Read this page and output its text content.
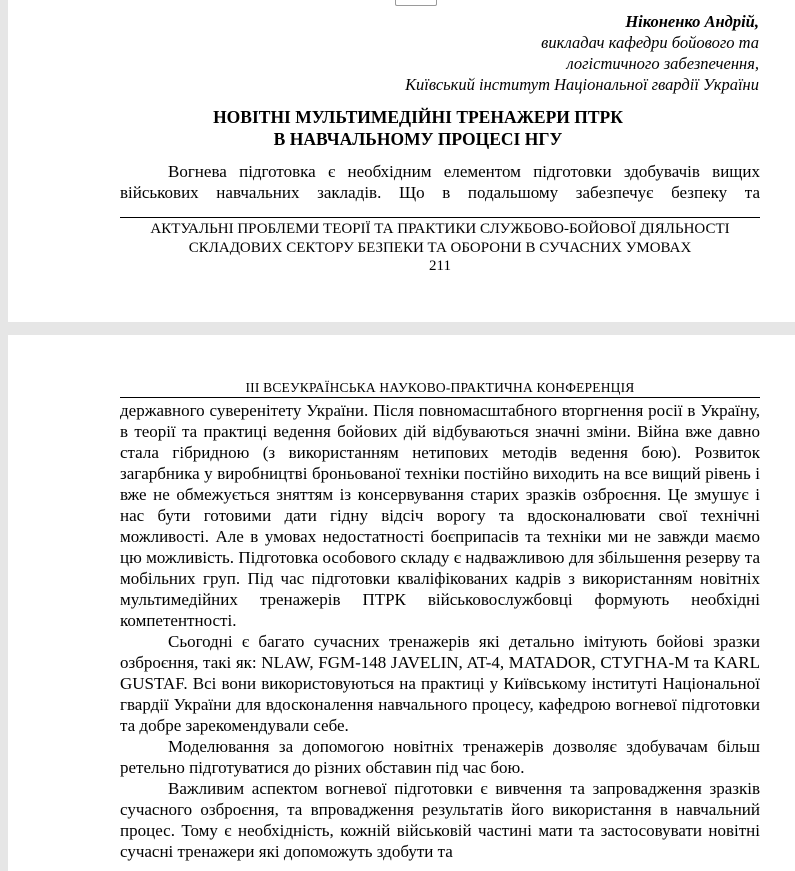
Ніконенко Андрій,
викладач кафедри бойового та
логістичного забезпечення,
Київський інститут Національної гвардії України
НОВІТНІ МУЛЬТИМЕДІЙНІ ТРЕНАЖЕРИ ПТРК
В НАВЧАЛЬНОМУ ПРОЦЕСІ НГУ
Вогнева підготовка є необхідним елементом підготовки здобувачів вищих військових навчальних закладів. Що в подальшому забезпечує безпеку та
АКТУАЛЬНІ ПРОБЛЕМИ ТЕОРІЇ ТА ПРАКТИКИ СЛУЖБОВО-БОЙОВОЇ ДІЯЛЬНОСТІ
СКЛАДОВИХ СЕКТОРУ БЕЗПЕКИ ТА ОБОРОНИ В СУЧАСНИХ УМОВАХ
211
ІІІ ВСЕУКРАЇНСЬКА НАУКОВО-ПРАКТИЧНА КОНФЕРЕНЦІЯ

державного суверенітету України. Після повномасштабного вторгнення росії в Україну, в теорії та практиці ведення бойових дій відбуваються значні зміни. Війна вже давно стала гібридною (з використанням нетипових методів ведення бою). Розвиток загарбника у виробництві броньованої техніки постійно виходить на все вищий рівень і вже не обмежується зняттям із консервування старих зразків озброєння. Це змушує і нас бути готовими дати гідну відсіч ворогу та вдосконалювати свої технічні можливості. Але в умовах недостатності боєприпасів та техніки ми не завжди маємо цю можливість. Підготовка особового складу є надважливою для збільшення резерву та мобільних груп. Під час підготовки кваліфікованих кадрів з використанням новітніх мультимедійних тренажерів ПТРК військовослужбовці формують необхідні компетентності.

Сьогодні є багато сучасних тренажерів які детально імітують бойові зразки озброєння, такі як: NLAW, FGM-148 JAVELIN, AT-4, MATADOR, СТУГНА-М та KARL GUSTAF. Всі вони використовуються на практиці у Київському інституті Національної гвардії України для вдосконалення навчального процесу, кафедрою вогневої підготовки та добре зарекомендували себе.

Моделювання за допомогою новітніх тренажерів дозволяє здобувачам більш ретельно підготуватися до різних обставин під час бою.

Важливим аспектом вогневої підготовки є вивчення та запровадження зразків сучасного озброєння, та впровадження результатів його використання в навчальний процес. Тому є необхідність, кожній військовій частині мати та застосовувати новітні сучасні тренажери які допоможуть здобути та
